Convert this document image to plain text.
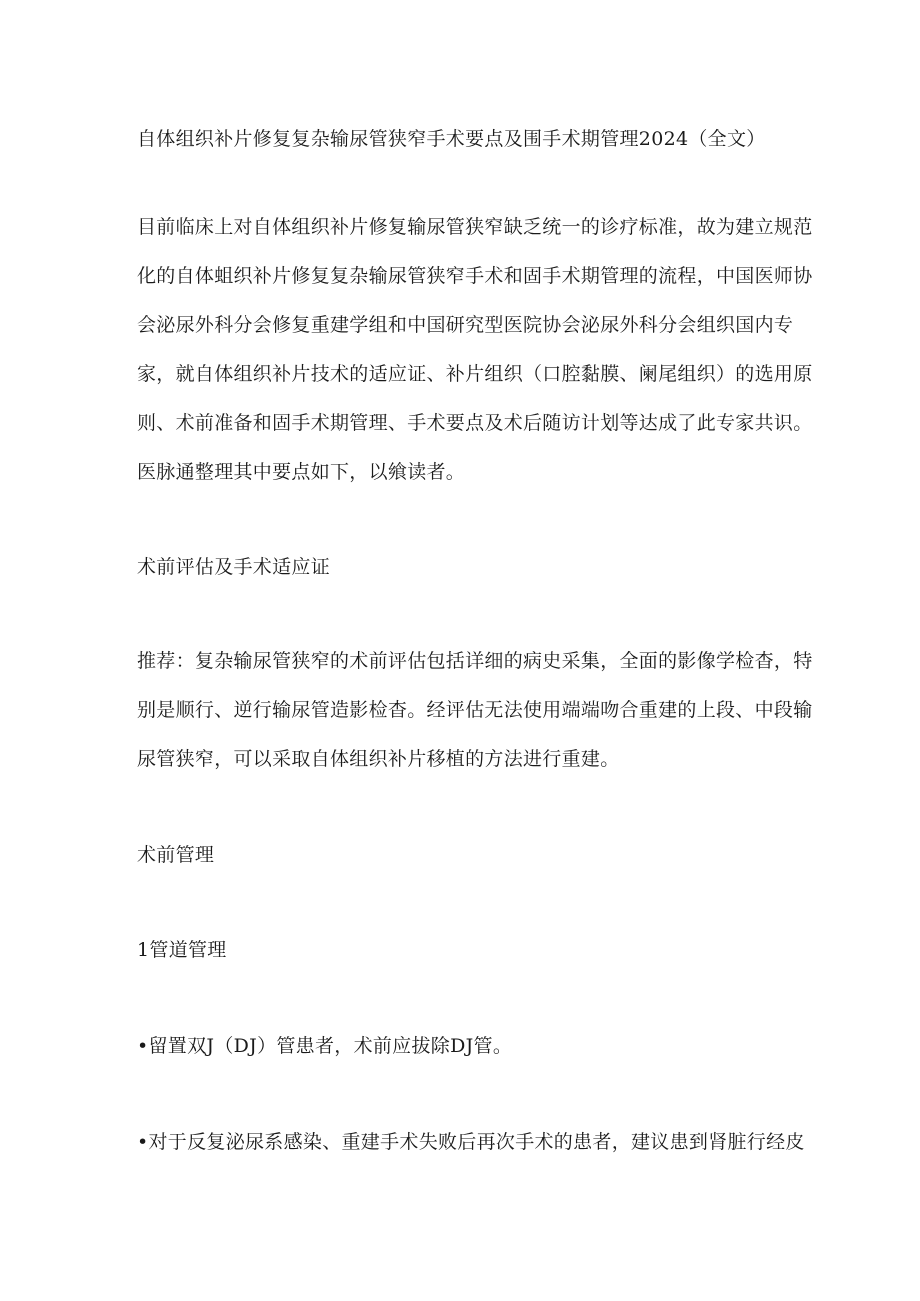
自体组织补片修复复杂输尿管狭窄手术要点及围手术期管理2024（全文）
目前临床上对自体组织补片修复输尿管狭窄缺乏统一的诊疗标准，故为建立规范
化的自体蛆织补片修复复杂输尿管狭窄手术和固手术期管理的流程，中国医师协
会泌尿外科分会修复重建学组和中国研究型医院协会泌尿外科分会组织国内专
家，就自体组织补片技术的适应证、补片组织（口腔黏膜、阑尾组织）的选用原
则、术前准备和固手术期管理、手术要点及术后随访计划等达成了此专家共识。
医脉通整理其中要点如下，以飨读者。
术前评估及手术适应证
推荐：复杂输尿管狭窄的术前评估包括详细的病史采集，全面的影像学检杳，特
别是顺行、逆行输尿管造影检杳。经评估无法使用端端吻合重建的上段、中段输
尿管狭窄，可以采取自体组织补片移植的方法进行重建。
术前管理
1管道管理
•留置双J（DJ）管患者，术前应拔除DJ管。
•对于反复泌尿系感染、重建手术失败后再次手术的患者，建议患到肾脏行经皮
